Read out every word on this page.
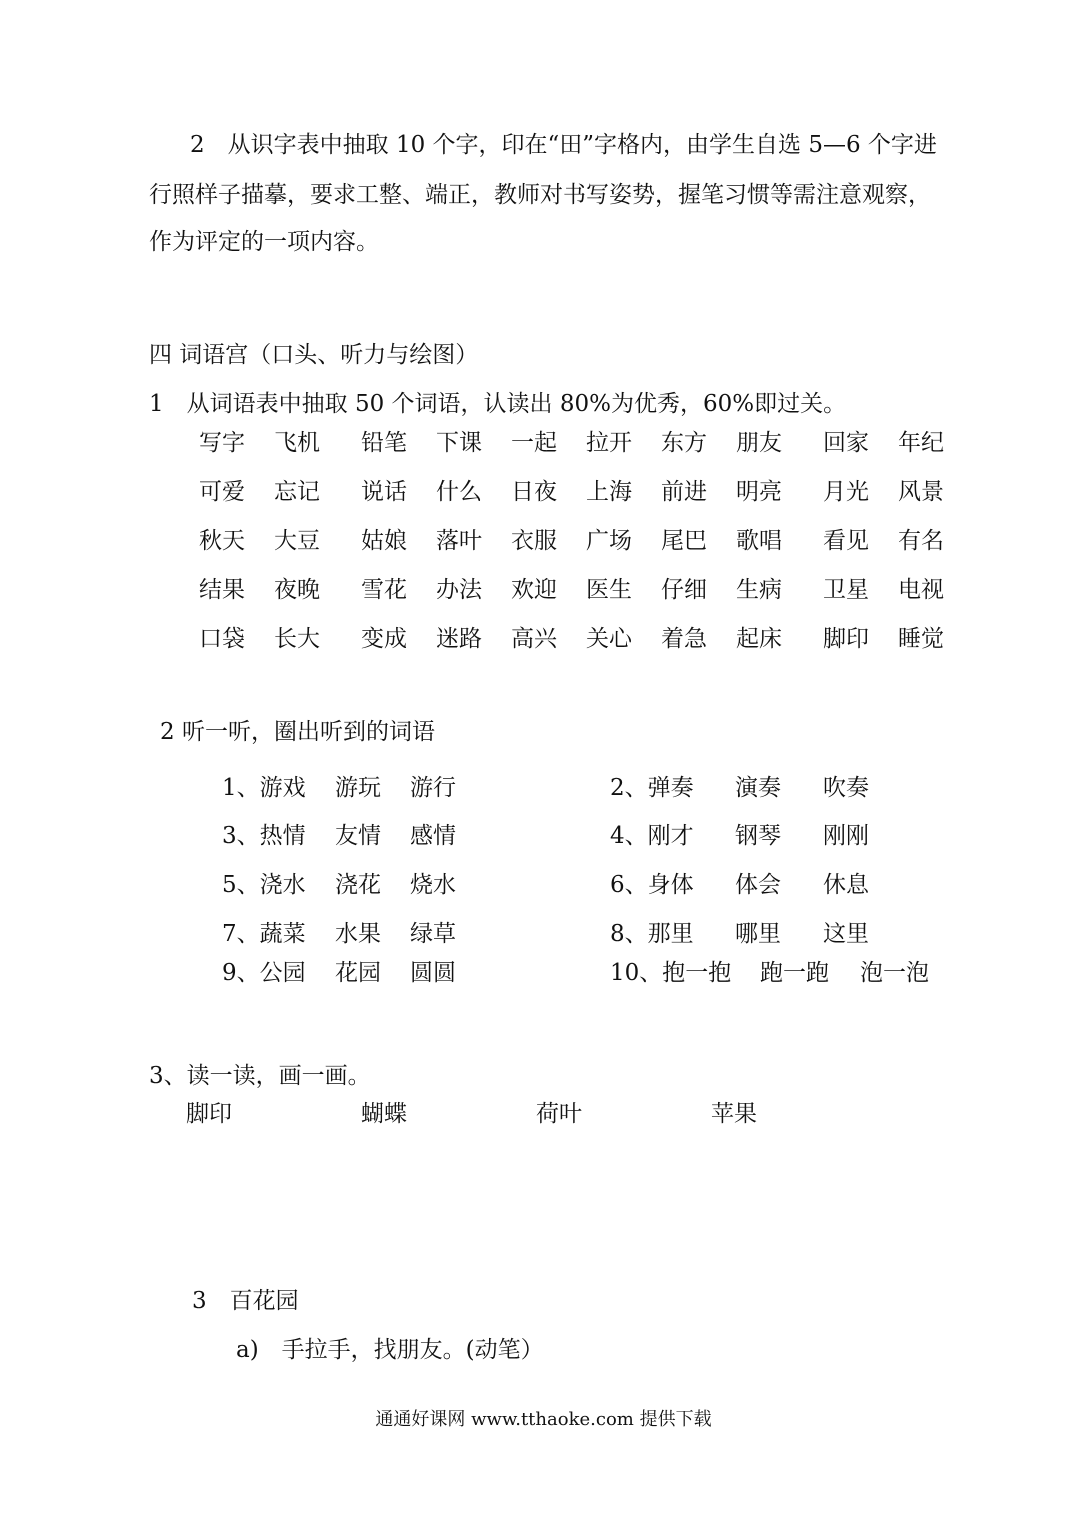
2　从识字表中抽取 10 个字，印在“田”字格内，由学生自选 5—6 个字进
行照样子描摹，要求工整、端正，教师对书写姿势，握笔习惯等需注意观察，
作为评定的一项内容。
四 词语宫（口头、听力与绘图）
1　从词语表中抽取 50 个词语，认读出 80%为优秀，60%即过关。
写字 飞机 铅笔 下课 一起 拉开 东方 朋友 回家 年纪
可爱 忘记 说话 什么 日夜 上海 前进 明亮 月光 风景
秋天 大豆 姑娘 落叶 衣服 广场 尾巴 歌唱 看见 有名
结果 夜晚 雪花 办法 欢迎 医生 仔细 生病 卫星 电视
口袋 长大 变成 迷路 高兴 关心 着急 起床 脚印 睡觉
2 听一听，圈出听到的词语
1、游戏 游玩 游行	2、弹奏 演奏 吹奏
3、热情 友情 感情	4、刚才 钢琴 刚刚
5、浇水 浇花 烧水	6、身体 体会 休息
7、蔬菜 水果 绿草	8、那里 哪里 这里
9、公园 花园 圆圆	10、抱一抱 跑一跑 泡一泡
3、读一读，画一画。
脚印	蝴蝶	荷叶	苹果
3　百花园
a)　手拉手，找朋友。(动笔）
通通好课网 www.tthaoke.com 提供下载
